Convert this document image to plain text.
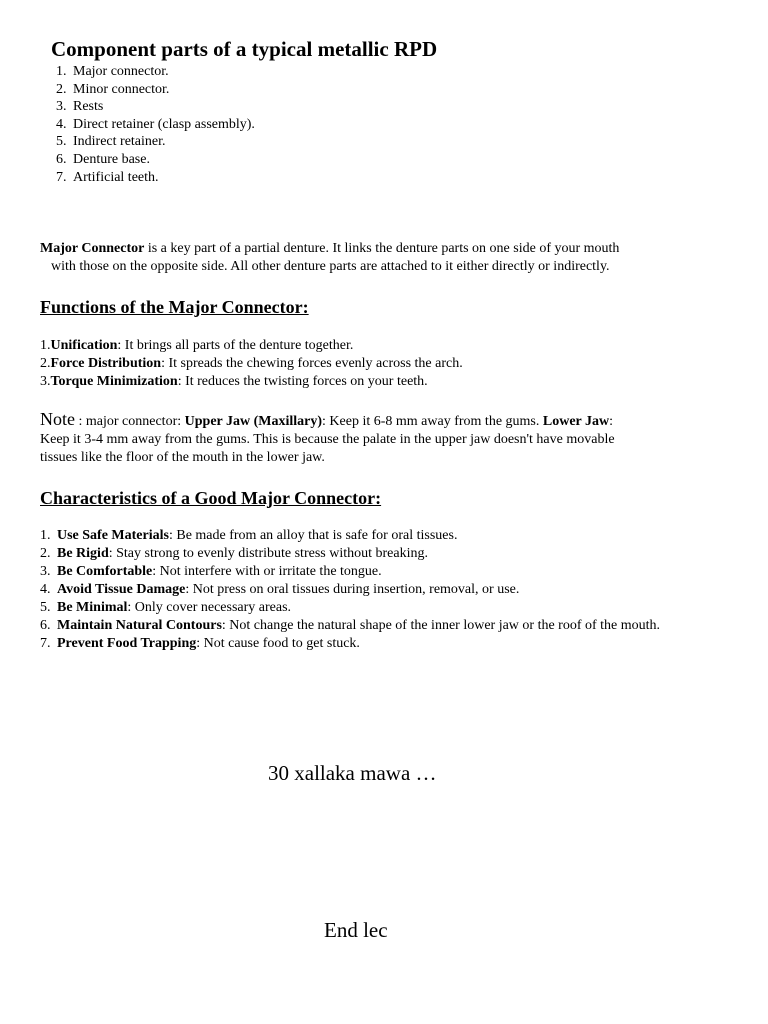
Component parts of a typical metallic RPD
1. Major connector.
2. Minor connector.
3. Rests
4. Direct retainer (clasp assembly).
5. Indirect retainer.
6. Denture base.
7. Artificial teeth.
Major Connector is a key part of a partial denture. It links the denture parts on one side of your mouth
with those on the opposite side. All other denture parts are attached to it either directly or indirectly.
Functions of the Major Connector:
1.Unification: It brings all parts of the denture together.
2.Force Distribution: It spreads the chewing forces evenly across the arch.
3.Torque Minimization: It reduces the twisting forces on your teeth.
Note : major connector: Upper Jaw (Maxillary): Keep it 6-8 mm away from the gums. Lower Jaw:
Keep it 3-4 mm away from the gums. This is because the palate in the upper jaw doesn't have movable
tissues like the floor of the mouth in the lower jaw.
Characteristics of a Good Major Connector:
1. Use Safe Materials: Be made from an alloy that is safe for oral tissues.
2. Be Rigid: Stay strong to evenly distribute stress without breaking.
3. Be Comfortable: Not interfere with or irritate the tongue.
4. Avoid Tissue Damage: Not press on oral tissues during insertion, removal, or use.
5. Be Minimal: Only cover necessary areas.
6. Maintain Natural Contours: Not change the natural shape of the inner lower jaw or the roof of the mouth.
7. Prevent Food Trapping: Not cause food to get stuck.
30 xallaka mawa …
End lec
